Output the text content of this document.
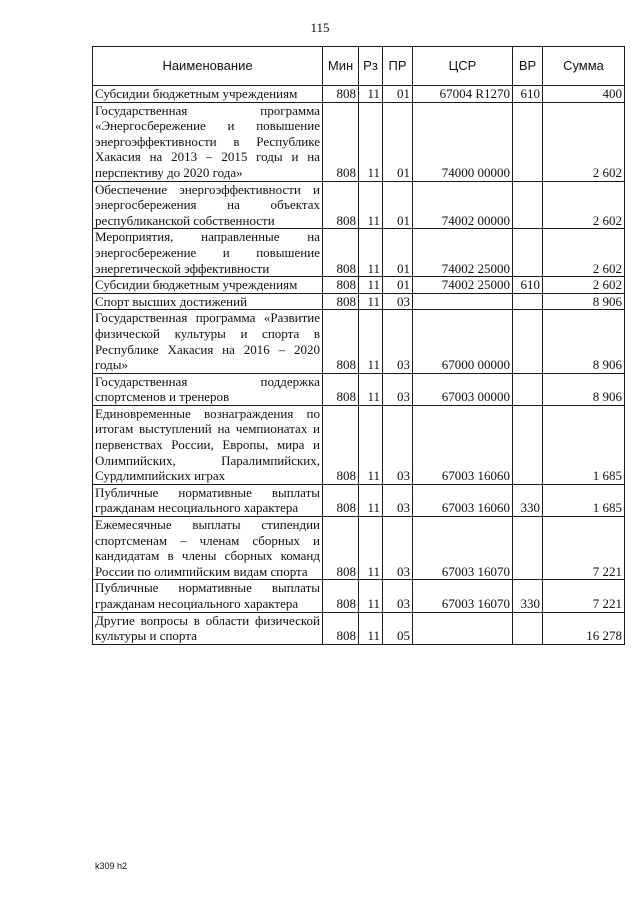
115
Наименование	Мин	Рз	ПР	ЦСР	ВР	Сумма
Субсидии бюджетным учреждениям	808	11	01	67004 R1270	610	400
Государственная программа «Энергосбережение и повышение энергоэффективности в Республике Хакасия на 2013 – 2015 годы и на перспективу до 2020 года»	808	11	01	74000 00000		2 602
Обеспечение энергоэффективности и энергосбережения на объектах республиканской собственности	808	11	01	74002 00000		2 602
Мероприятия, направленные на энергосбережение и повышение энергетической эффективности	808	11	01	74002 25000		2 602
Субсидии бюджетным учреждениям	808	11	01	74002 25000	610	2 602
Спорт высших достижений	808	11	03			8 906
Государственная программа «Развитие физической культуры и спорта в Республике Хакасия на 2016 – 2020 годы»	808	11	03	67000 00000		8 906
Государственная поддержка спортсменов и тренеров	808	11	03	67003 00000		8 906
Единовременные вознаграждения по итогам выступлений на чемпионатах и первенствах России, Европы, мира и Олимпийских, Паралимпийских, Сурдлимпийских играх	808	11	03	67003 16060		1 685
Публичные нормативные выплаты гражданам несоциального характера	808	11	03	67003 16060	330	1 685
Ежемесячные выплаты стипендии спортсменам – членам сборных и кандидатам в члены сборных команд России по олимпийским видам спорта	808	11	03	67003 16070		7 221
Публичные нормативные выплаты гражданам несоциального характера	808	11	03	67003 16070	330	7 221
Другие вопросы в области физической культуры и спорта	808	11	05			16 278
k309 h2
